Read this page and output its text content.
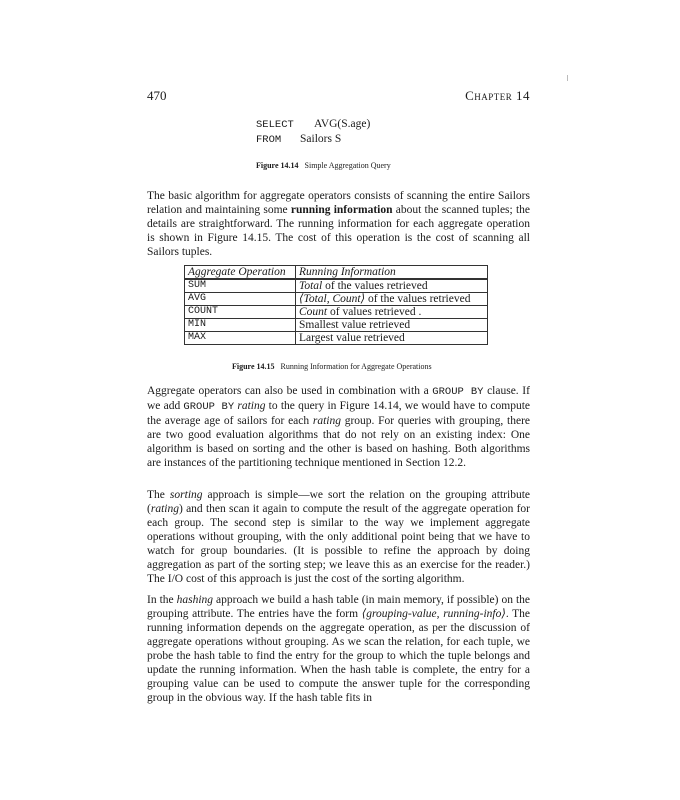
470	Chapter 14
SELECT AVG(S.age)
FROM Sailors S
Figure 14.14 Simple Aggregation Query

The basic algorithm for aggregate operators consists of scanning the entire Sailors relation and maintaining some running information about the scanned tuples; the details are straightforward. The running information for each aggregate operation is shown in Figure 14.15. The cost of this operation is the cost of scanning all Sailors tuples.

Aggregate Operation	Running Information
SUM	Total of the values retrieved
AVG	⟨Total, Count⟩ of the values retrieved
COUNT	Count of values retrieved .
MIN	Smallest value retrieved
MAX	Largest value retrieved
Figure 14.15 Running Information for Aggregate Operations

Aggregate operators can also be used in combination with a GROUP BY clause. If we add GROUP BY rating to the query in Figure 14.14, we would have to compute the average age of sailors for each rating group. For queries with grouping, there are two good evaluation algorithms that do not rely on an existing index: One algorithm is based on sorting and the other is based on hashing. Both algorithms are instances of the partitioning technique mentioned in Section 12.2.

The sorting approach is simple—we sort the relation on the grouping attribute (rating) and then scan it again to compute the result of the aggregate operation for each group. The second step is similar to the way we implement aggregate operations without grouping, with the only additional point being that we have to watch for group boundaries. (It is possible to refine the approach by doing aggregation as part of the sorting step; we leave this as an exercise for the reader.) The I/O cost of this approach is just the cost of the sorting algorithm.

In the hashing approach we build a hash table (in main memory, if possible) on the grouping attribute. The entries have the form ⟨grouping-value, running-info⟩. The running information depends on the aggregate operation, as per the discussion of aggregate operations without grouping. As we scan the relation, for each tuple, we probe the hash table to find the entry for the group to which the tuple belongs and update the running information. When the hash table is complete, the entry for a grouping value can be used to compute the answer tuple for the corresponding group in the obvious way. If the hash table fits in
